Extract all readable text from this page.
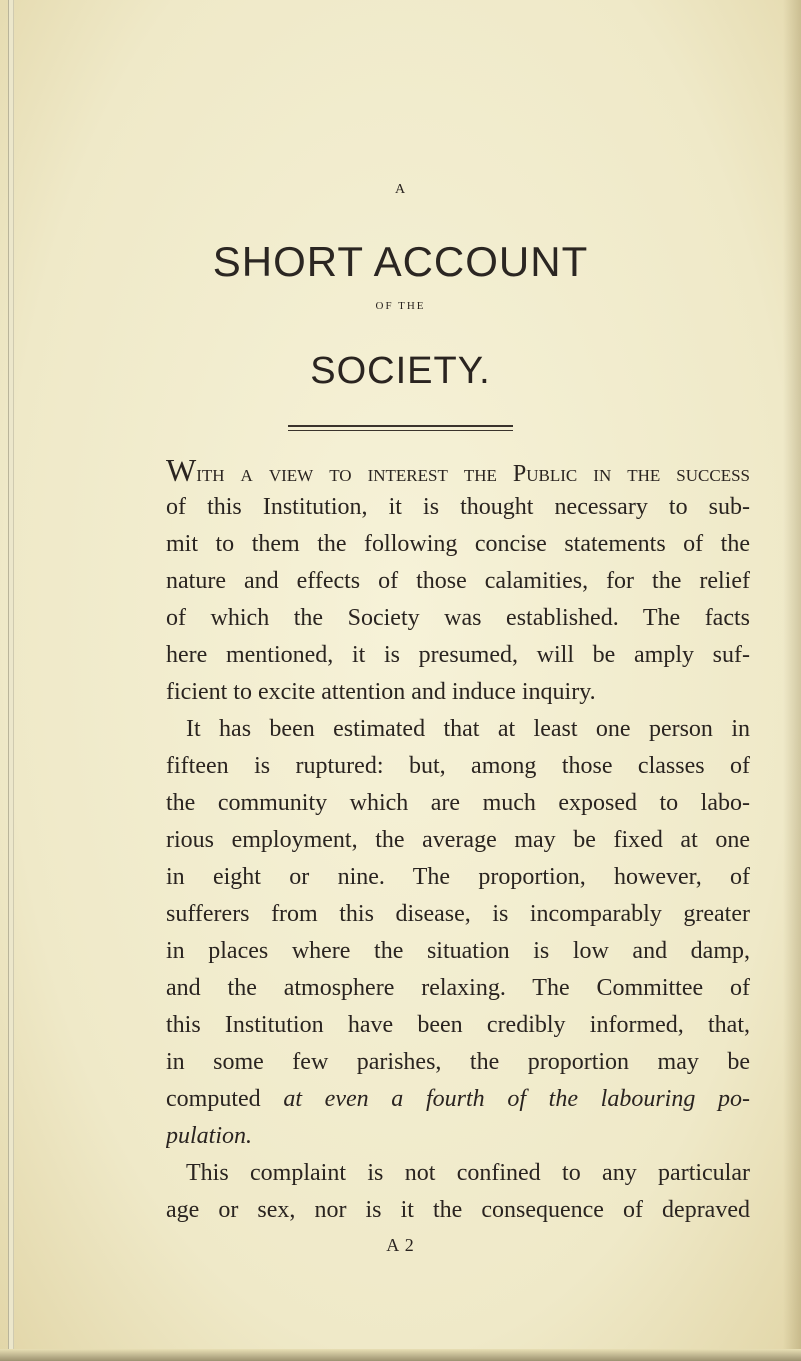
A
SHORT ACCOUNT
OF THE
SOCIETY.
With a view to interest the Public in the success
of this Institution, it is thought necessary to sub-
mit to them the following concise statements of the
nature and effects of those calamities, for the relief
of which the Society was established. The facts
here mentioned, it is presumed, will be amply suf-
ficient to excite attention and induce inquiry.
It has been estimated that at least one person in
fifteen is ruptured: but, among those classes of
the community which are much exposed to labo-
rious employment, the average may be fixed at one
in eight or nine. The proportion, however, of
sufferers from this disease, is incomparably greater
in places where the situation is low and damp,
and the atmosphere relaxing. The Committee of
this Institution have been credibly informed, that,
in some few parishes, the proportion may be
computed at even a fourth of the labouring po-
pulation.
This complaint is not confined to any particular
age or sex, nor is it the consequence of depraved
A 2
